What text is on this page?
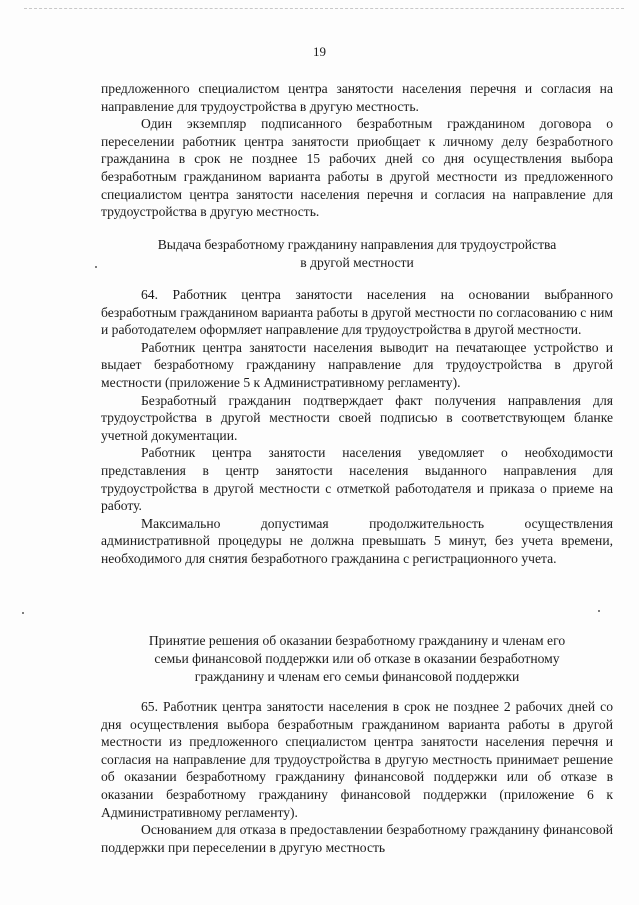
19

предложенного специалистом центра занятости населения перечня и согласия на направление для трудоустройства в другую местность.

Один экземпляр подписанного безработным гражданином договора о переселении работник центра занятости приобщает к личному делу безработного гражданина в срок не позднее 15 рабочих дней со дня осуществления выбора безработным гражданином варианта работы в другой местности из предложенного специалистом центра занятости населения перечня и согласия на направление для трудоустройства в другую местность.

Выдача безработному гражданину направления для трудоустройства
в другой местности

64. Работник центра занятости населения на основании выбранного безработным гражданином варианта работы в другой местности по согласованию с ним и работодателем оформляет направление для трудоустройства в другой местности.

Работник центра занятости населения выводит на печатающее устройство и выдает безработному гражданину направление для трудоустройства в другой местности (приложение 5 к Административному регламенту).

Безработный гражданин подтверждает факт получения направления для трудоустройства в другой местности своей подписью в соответствующем бланке учетной документации.

Работник центра занятости населения уведомляет о необходимости представления в центр занятости населения выданного направления для трудоустройства в другой местности с отметкой работодателя и приказа о приеме на работу.

Максимально допустимая продолжительность осуществления административной процедуры не должна превышать 5 минут, без учета времени, необходимого для снятия безработного гражданина с регистрационного учета.

Принятие решения об оказании безработному гражданину и членам его
семьи финансовой поддержки или об отказе в оказании безработному
гражданину и членам его семьи финансовой поддержки

65. Работник центра занятости населения в срок не позднее 2 рабочих дней со дня осуществления выбора безработным гражданином варианта работы в другой местности из предложенного специалистом центра занятости населения перечня и согласия на направление для трудоустройства в другую местность принимает решение об оказании безработному гражданину финансовой поддержки или об отказе в оказании безработному гражданину финансовой поддержки (приложение 6 к Административному регламенту).

Основанием для отказа в предоставлении безработному гражданину финансовой поддержки при переселении в другую местность
